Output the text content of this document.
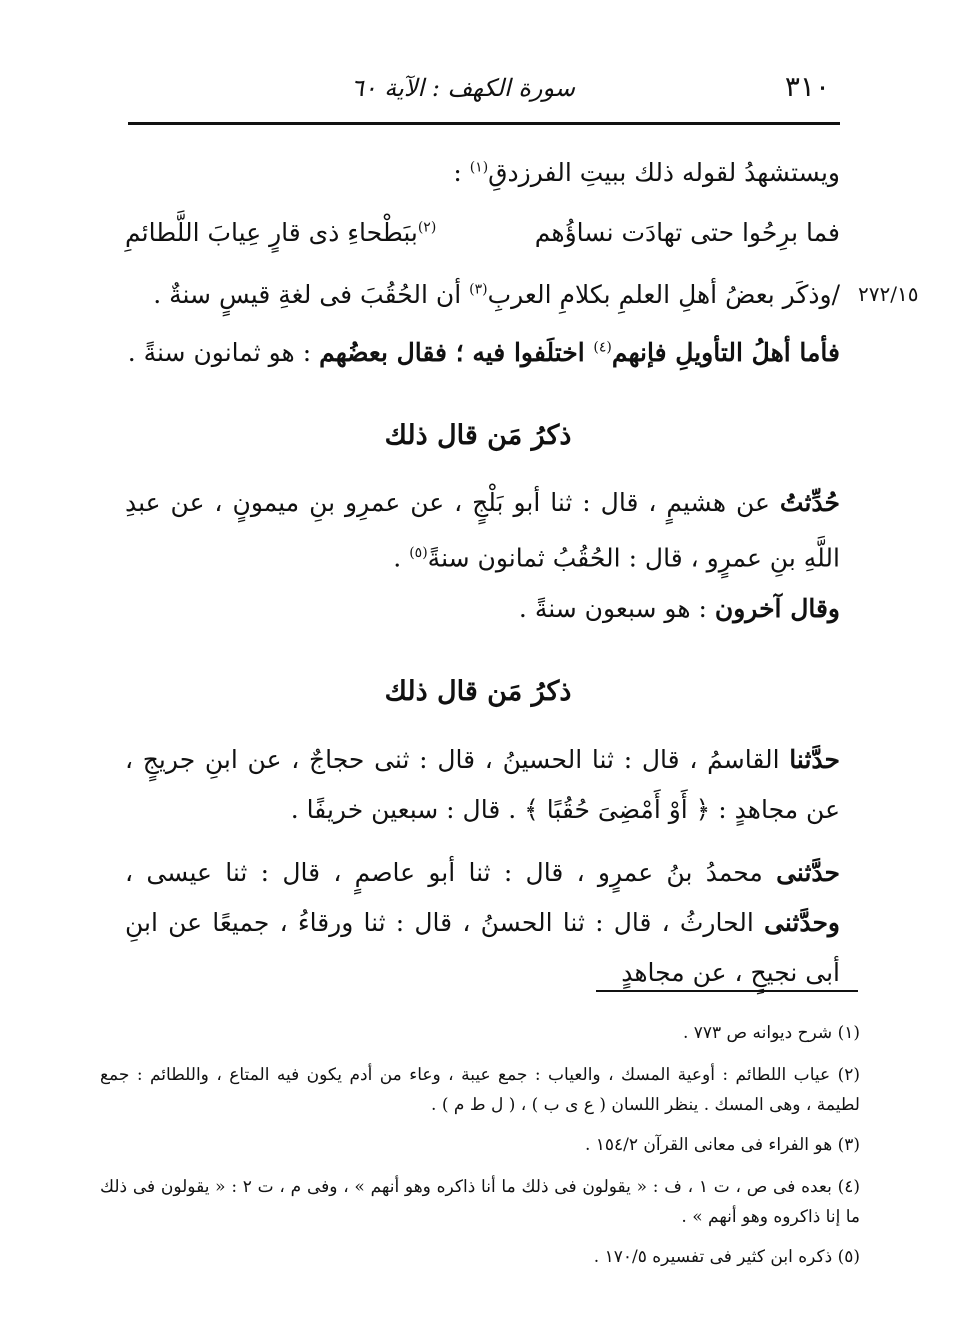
٣١٠
سورة الكهف : الآية ٦٠
ويستشهدُ لقوله ذلك ببيتِ الفرزدقِ$^{(١)}$ :
فما برِحُوا حتى تهادَت نساؤُهم
$^{(٢)}$ببَطْحاءِ ذى قارٍ عِيابَ اللَّطائمِ
٢٧٢/١٥
/وذكَر بعضُ أهلِ العلمِ بكلامِ العربِ$^{(٣)}$ أن الحُقُبَ فى لغةِ قيسٍ سنةٌ .
فأما أهلُ التأويلِ فإنهم$^{(٤)}$ اختلَفوا فيه ؛ فقال بعضُهم : هو ثمانون سنةً .
ذكرُ مَن قال ذلك
حُدِّثتُ عن هشيمٍ ، قال : ثنا أبو بَلْجٍ ، عن عمرِو بنِ ميمونٍ ، عن عبدِ اللَّهِ بنِ عمرٍو ، قال : الحُقُبُ ثمانون سنةً$^{(٥)}$ .
وقال آخرون : هو سبعون سنةً .
ذكرُ مَن قال ذلك
حدَّثنا القاسمُ ، قال : ثنا الحسينُ ، قال : ثنى حجاجٌ ، عن ابنِ جريجٍ ، عن مجاهدٍ : ﴿ أَوْ أَمْضِىَ حُقُبًا ﴾ . قال : سبعين خريفًا .
حدَّثنى محمدُ بنُ عمرٍو ، قال : ثنا أبو عاصمٍ ، قال : ثنا عيسى ، وحدَّثنى الحارثُ ، قال : ثنا الحسنُ ، قال : ثنا ورقاءُ ، جميعًا عن ابنِ أبى نجيحٍ ، عن مجاهدٍ
(١) شرح ديوانه ص ٧٧٣ .
(٢) عياب اللطائم : أوعية المسك ، والعياب : جمع عيبة ، وعاء من أدم يكون فيه المتاع ، واللطائم : جمع لطيمة ، وهى المسك . ينظر اللسان ( ع ى ب ) ، ( ل ط م ) .
(٣) هو الفراء فى معانى القرآن ١٥٤/٢ .
(٤) بعده فى ص ، ت ١ ، ف : « يقولون فى ذلك ما أنا ذاكره وهو أنهم » ، وفى م ، ت ٢ : « يقولون فى ذلك ما إنا ذاكروه وهو أنهم » .
(٥) ذكره ابن كثير فى تفسيره ١٧٠/٥ .
